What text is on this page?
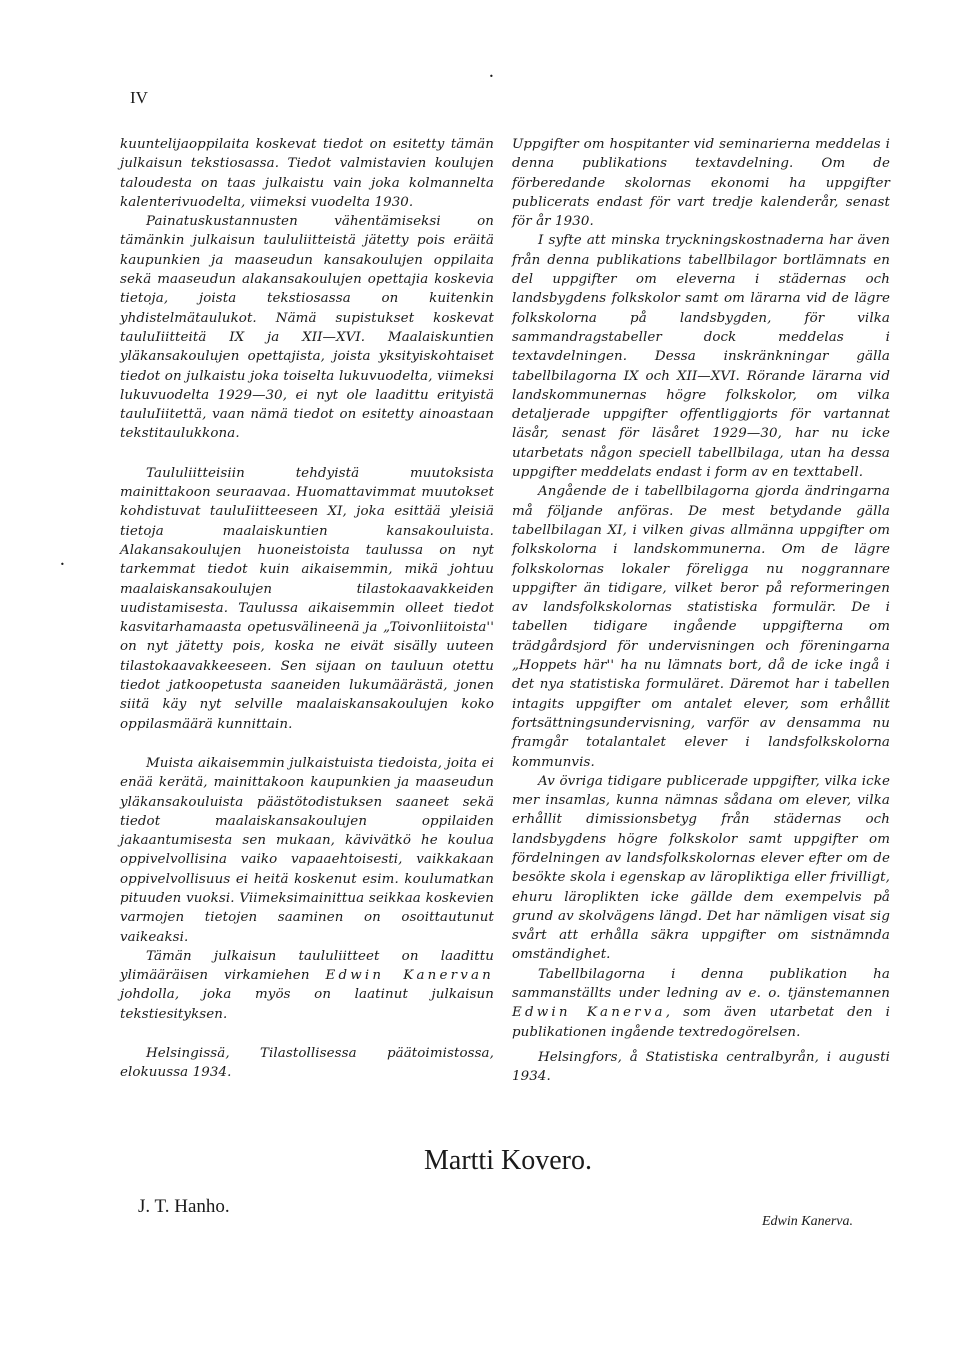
IV
•
•

kuuntelijaoppilaita koskevat tiedot on esitetty tämän julkaisun tekstiosassa. Tiedot valmistavien koulujen taloudesta on taas julkaistu vain joka kolmannelta kalenterivuodelta, viimeksi vuodelta 1930.

Painatuskustannusten vähentämiseksi on tämänkin julkaisun taululiitteistä jätetty pois eräitä kaupunkien ja maaseudun kansakoulujen oppilaita sekä maaseudun alakansakoulujen opettajia koskevia tietoja, joista tekstiosassa on kuitenkin yhdistelmätaulukot. Nämä supistukset koskevat tauluIiitteitä IX ja XII—XVI. Maalaiskuntien yläkansakoulujen opettajista, joista yksityiskohtaiset tiedot on julkaistu joka toiselta lukuvuodelta, viimeksi lukuvuodelta 1929—30, ei nyt ole laadittu erityistä tauluIiitettä, vaan nämä tiedot on esitetty ainoastaan tekstitaulukkona.

Taululiitteisiin tehdyistä muutoksista mainittakoon seuraavaa. Huomattavimmat muutokset kohdistuvat tauluIiitteeseen XI, joka esittää yleisiä tietoja maalaiskuntien kansakouluista. Alakansakoulujen huoneistoista taulussa on nyt tarkemmat tiedot kuin aikaisemmin, mikä johtuu maalaiskansakoulujen tilastokaavakkeiden uudistamisesta. Taulussa aikaisemmin olleet tiedot kasvitarhamaasta opetusvälineenä ja „Toivonliitoista'' on nyt jätetty pois, koska ne eivät sisälly uuteen tilastokaavakkeeseen. Sen sijaan on tauluun otettu tiedot jatkoopetusta saaneiden lukumäärästä, jonen siitä käy nyt selville maalaiskansakoulujen koko oppilasmäärä kunnittain.

Muista aikaisemmin julkaistuista tiedoista, joita ei enää kerätä, mainittakoon kaupunkien ja maaseudun yläkansakouluista päästötodistuksen saaneet sekä tiedot maalaiskansakoulujen oppilaiden jakaantumisesta sen mukaan, kävivätkö he koulua oppivelvollisina vaiko vapaaehtoisesti, vaikkakaan oppivelvollisuus ei heitä koskenut esim. koulumatkan pituuden vuoksi. Viimeksimainittua seikkaa koskevien varmojen tietojen saaminen on osoittautunut vaikeaksi.

Tämän julkaisun taululiitteet on laadittu ylimääräisen virkamiehen Edwin Kanervan johdolla, joka myös on laatinut julkaisun tekstiesityksen.

Helsingissä, Tilastollisessa päätoimistossa, elokuussa 1934.

Uppgifter om hospitanter vid seminarierna meddelas i denna publikations textavdelning. Om de förberedande skolornas ekonomi ha uppgifter publicerats endast för vart tredje kalenderår, senast för år 1930.

I syfte att minska tryckningskostnaderna har även från denna publikations tabellbilagor bortlämnats en del uppgifter om eleverna i städernas och landsbygdens folkskolor samt om lärarna vid de lägre folkskolorna på landsbygden, för vilka sammandragstabeller dock meddelas i textavdelningen. Dessa inskränkningar gälla tabellbilagorna IX och XII—XVI. Rörande lärarna vid landskommunernas högre folkskolor, om vilka detaljerade uppgifter offentliggjorts för vartannat läsår, senast för läsåret 1929—30, har nu icke utarbetats någon speciell tabellbilaga, utan ha dessa uppgifter meddelats endast i form av en texttabell.

Angående de i tabellbilagorna gjorda ändringarna må följande anföras. De mest betydande gälla tabellbilagan XI, i vilken givas allmänna uppgifter om folkskolorna i landskommunerna. Om de lägre folkskolornas lokaler föreligga nu noggrannare uppgifter än tidigare, vilket beror på reformeringen av landsfolkskolornas statistiska formulär. De i tabellen tidigare ingående uppgifterna om trädgårdsjord för undervisningen och föreningarna „Hoppets här'' ha nu lämnats bort, då de icke ingå i det nya statistiska formuläret. Däremot har i tabellen intagits uppgifter om antalet elever, som erhållit fortsättningsundervisning, varför av densamma nu framgår totalantalet elever i landsfolkskolorna kommunvis.

Av övriga tidigare publicerade uppgifter, vilka icke mer insamlas, kunna nämnas sådana om elever, vilka erhållit dimissionsbetyg från städernas och landsbygdens högre folkskolor samt uppgifter om fördelningen av landsfolkskolornas elever efter om de besökte skola i egenskap av läropliktiga eller frivilligt, ehuru läroplikten icke gällde dem exempelvis på grund av skolvägens längd. Det har nämligen visat sig svårt att erhålla säkra uppgifter om sistnämnda omständighet.

Tabellbilagorna i denna publikation ha sammanställts under ledning av e. o. tjänstemannen Edwin Kanerva, som även utarbetat den i publikationen ingående textredogörelsen.

Helsingfors, å Statistiska centralbyrån, i augusti 1934.

Martti Kovero.
J. T. Hanho.
Edwin Kanerva.
